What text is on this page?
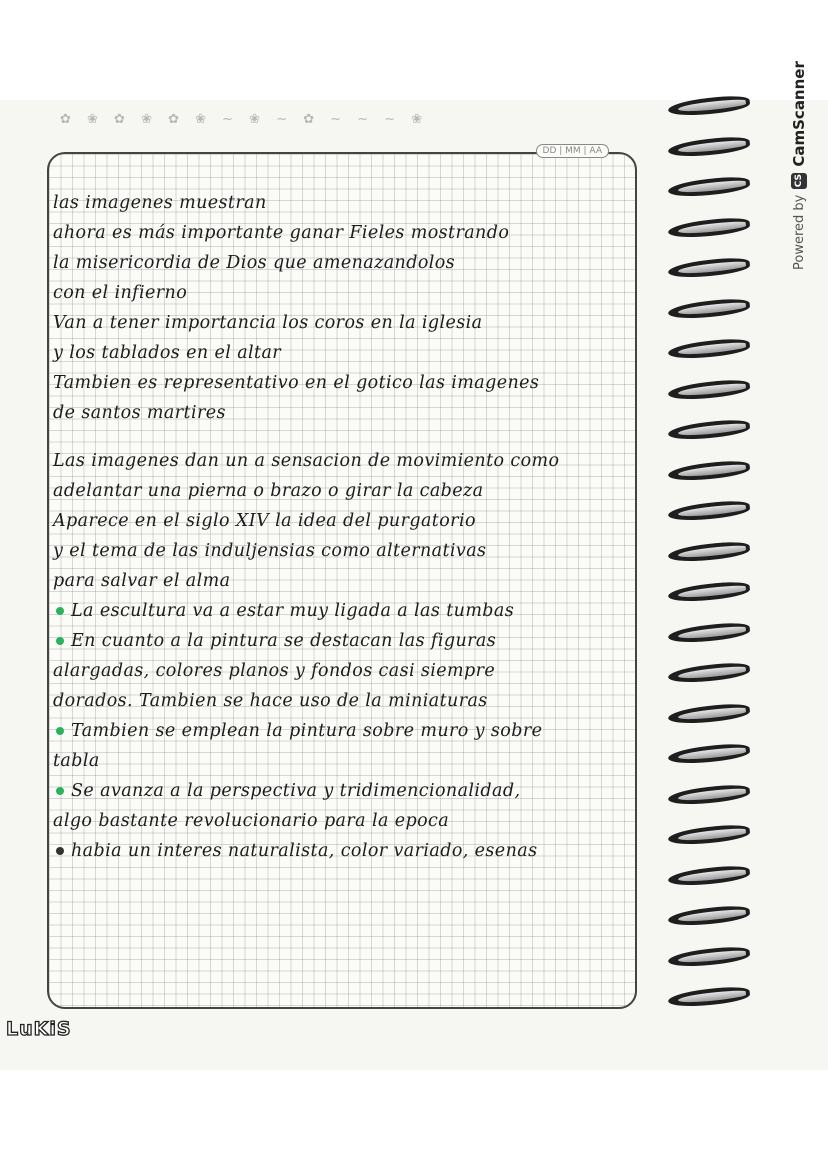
✿ ❀ ✿ ❀ ✿ ❀ ~ ❀ ~ ✿ ~ ~ ~ ❀
Powered by
CS
CamScanner
DD | MM | AA
las imagenes muestran
ahora es más importante ganar Fieles mostrando
la misericordia de Dios que amenazandolos
con el infierno
Van a tener importancia los coros en la iglesia
y los tablados en el altar
Tambien es representativo en el gotico las imagenes
de santos martires
Las imagenes dan un a sensacion de movimiento como
adelantar una pierna o brazo o girar la cabeza
Aparece en el siglo XIV la idea del purgatorio
y el tema de las induljensias como alternativas
para salvar el alma
La escultura va a estar muy ligada a las tumbas
En cuanto a la pintura se destacan las figuras
alargadas, colores planos y fondos casi siempre
dorados. Tambien se hace uso de la miniaturas
Tambien se emplean la pintura sobre muro y sobre
tabla
Se avanza a la perspectiva y tridimencionalidad,
algo bastante revolucionario para la epoca
habia un interes naturalista, color variado, esenas
LuKiS
